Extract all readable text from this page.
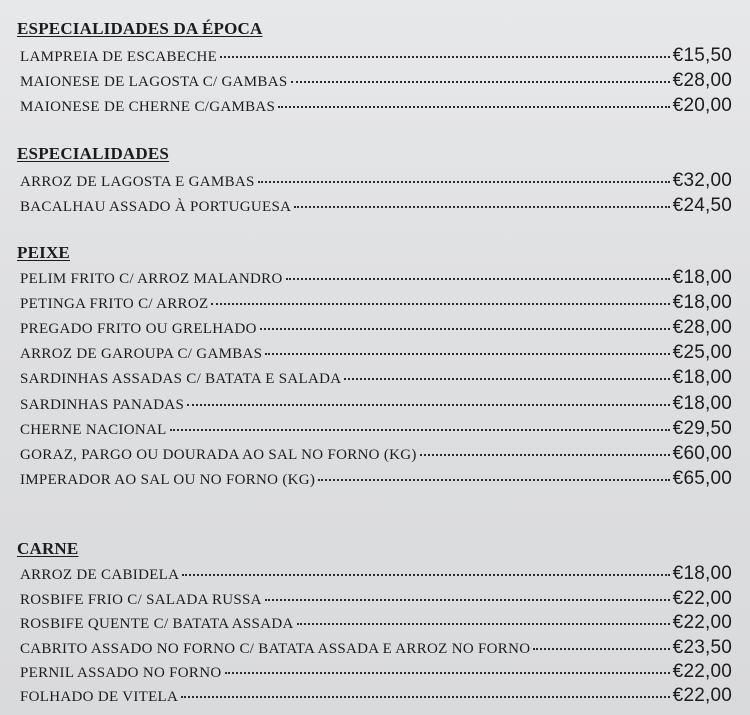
ESPECIALIDADES DA ÉPOCA
LAMPREIA DE ESCABECHE	€15,50
MAIONESE DE LAGOSTA C/ GAMBAS	€28,00
MAIONESE DE CHERNE C/GAMBAS	€20,00
ESPECIALIDADES
ARROZ DE LAGOSTA E GAMBAS	€32,00
BACALHAU ASSADO À PORTUGUESA	€24,50
PEIXE
PELIM FRITO C/ ARROZ MALANDRO	€18,00
PETINGA FRITO C/ ARROZ	€18,00
PREGADO FRITO OU GRELHADO	€28,00
ARROZ DE GAROUPA C/ GAMBAS	€25,00
SARDINHAS ASSADAS C/ BATATA E SALADA	€18,00
SARDINHAS PANADAS	€18,00
CHERNE NACIONAL	€29,50
GORAZ, PARGO OU DOURADA AO SAL NO FORNO (KG)	€60,00
IMPERADOR AO SAL OU NO FORNO (KG)	€65,00
CARNE
ARROZ DE CABIDELA	€18,00
ROSBIFE FRIO C/ SALADA RUSSA	€22,00
ROSBIFE QUENTE C/ BATATA ASSADA	€22,00
CABRITO ASSADO NO FORNO C/ BATATA ASSADA E ARROZ NO FORNO	€23,50
PERNIL ASSADO NO FORNO	€22,00
FOLHADO DE VITELA	€22,00
